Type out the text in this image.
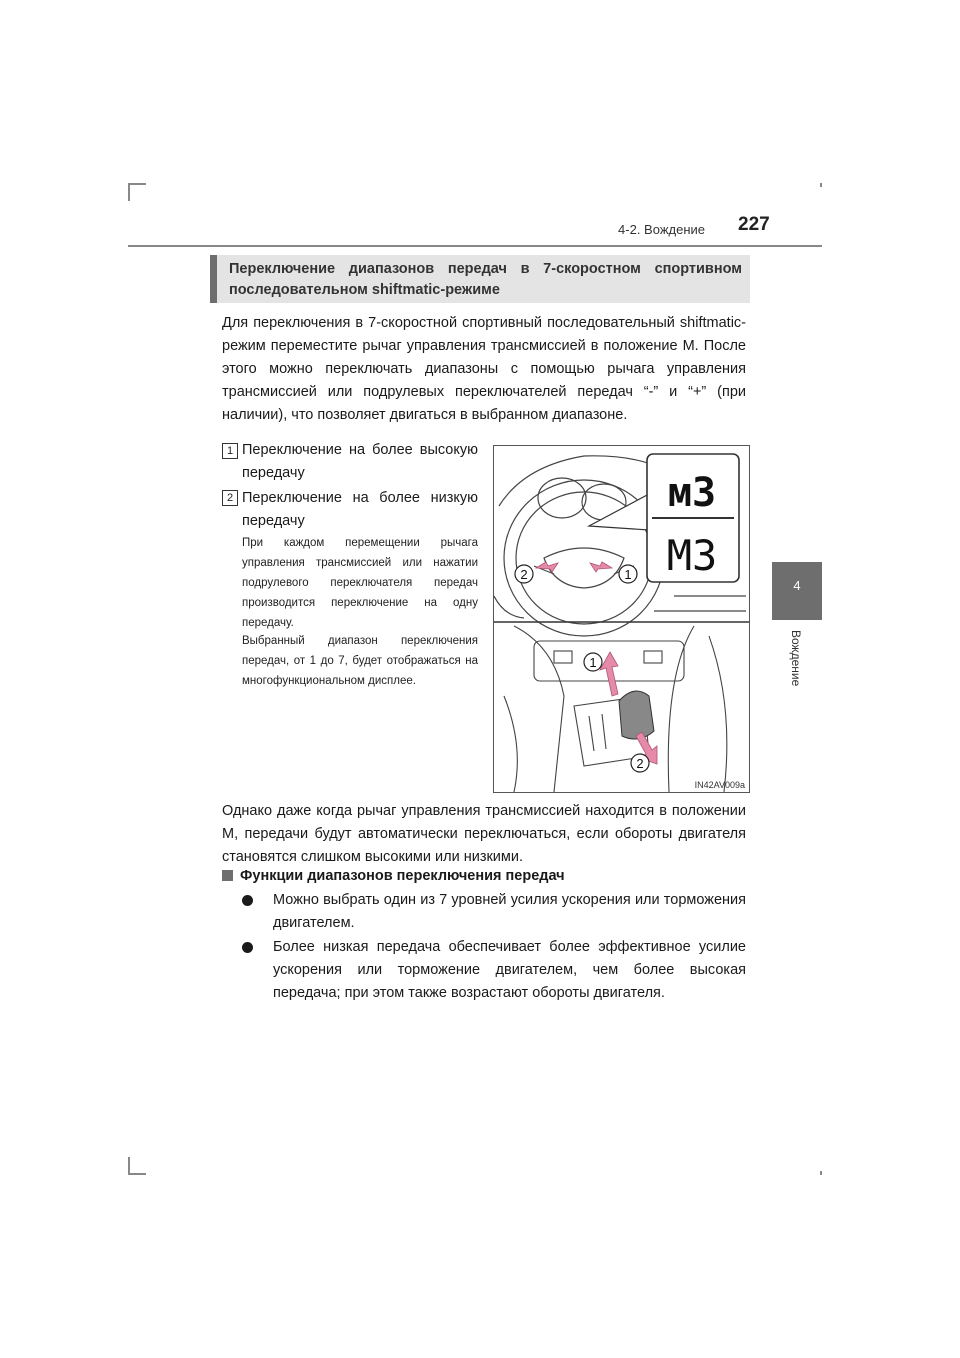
4-2. Вождение 227
4
Вождение
Переключение диапазонов передач в 7-скоростном спортивном последовательном shiftmatic-режиме
Для переключения в 7-скоростной спортивный последовательный shiftmatic-режим переместите рычаг управления трансмиссией в положение M. После этого можно переключать диапазоны с помощью рычага управления трансмиссией или подрулевых переключателей передач “-” и “+” (при наличии), что позволяет двигаться в выбранном диапазоне.
1 Переключение на более высокую передачу
2 Переключение на более низкую передачу
При каждом перемещении рычага управления трансмиссией или нажатии подрулевого переключателя передач производится переключение на одну передачу.
Выбранный диапазон переключения передач, от 1 до 7, будет отображаться на многофункциональном дисплее.
м3
M3
2	1
1
2
IN42AV009a
Однако даже когда рычаг управления трансмиссией находится в положении M, передачи будут автоматически переключаться, если обороты двигателя становятся слишком высокими или низкими.
Функции диапазонов переключения передач
Можно выбрать один из 7 уровней усилия ускорения или торможения двигателем.
Более низкая передача обеспечивает более эффективное усилие ускорения или торможение двигателем, чем более высокая передача; при этом также возрастают обороты двигателя.
